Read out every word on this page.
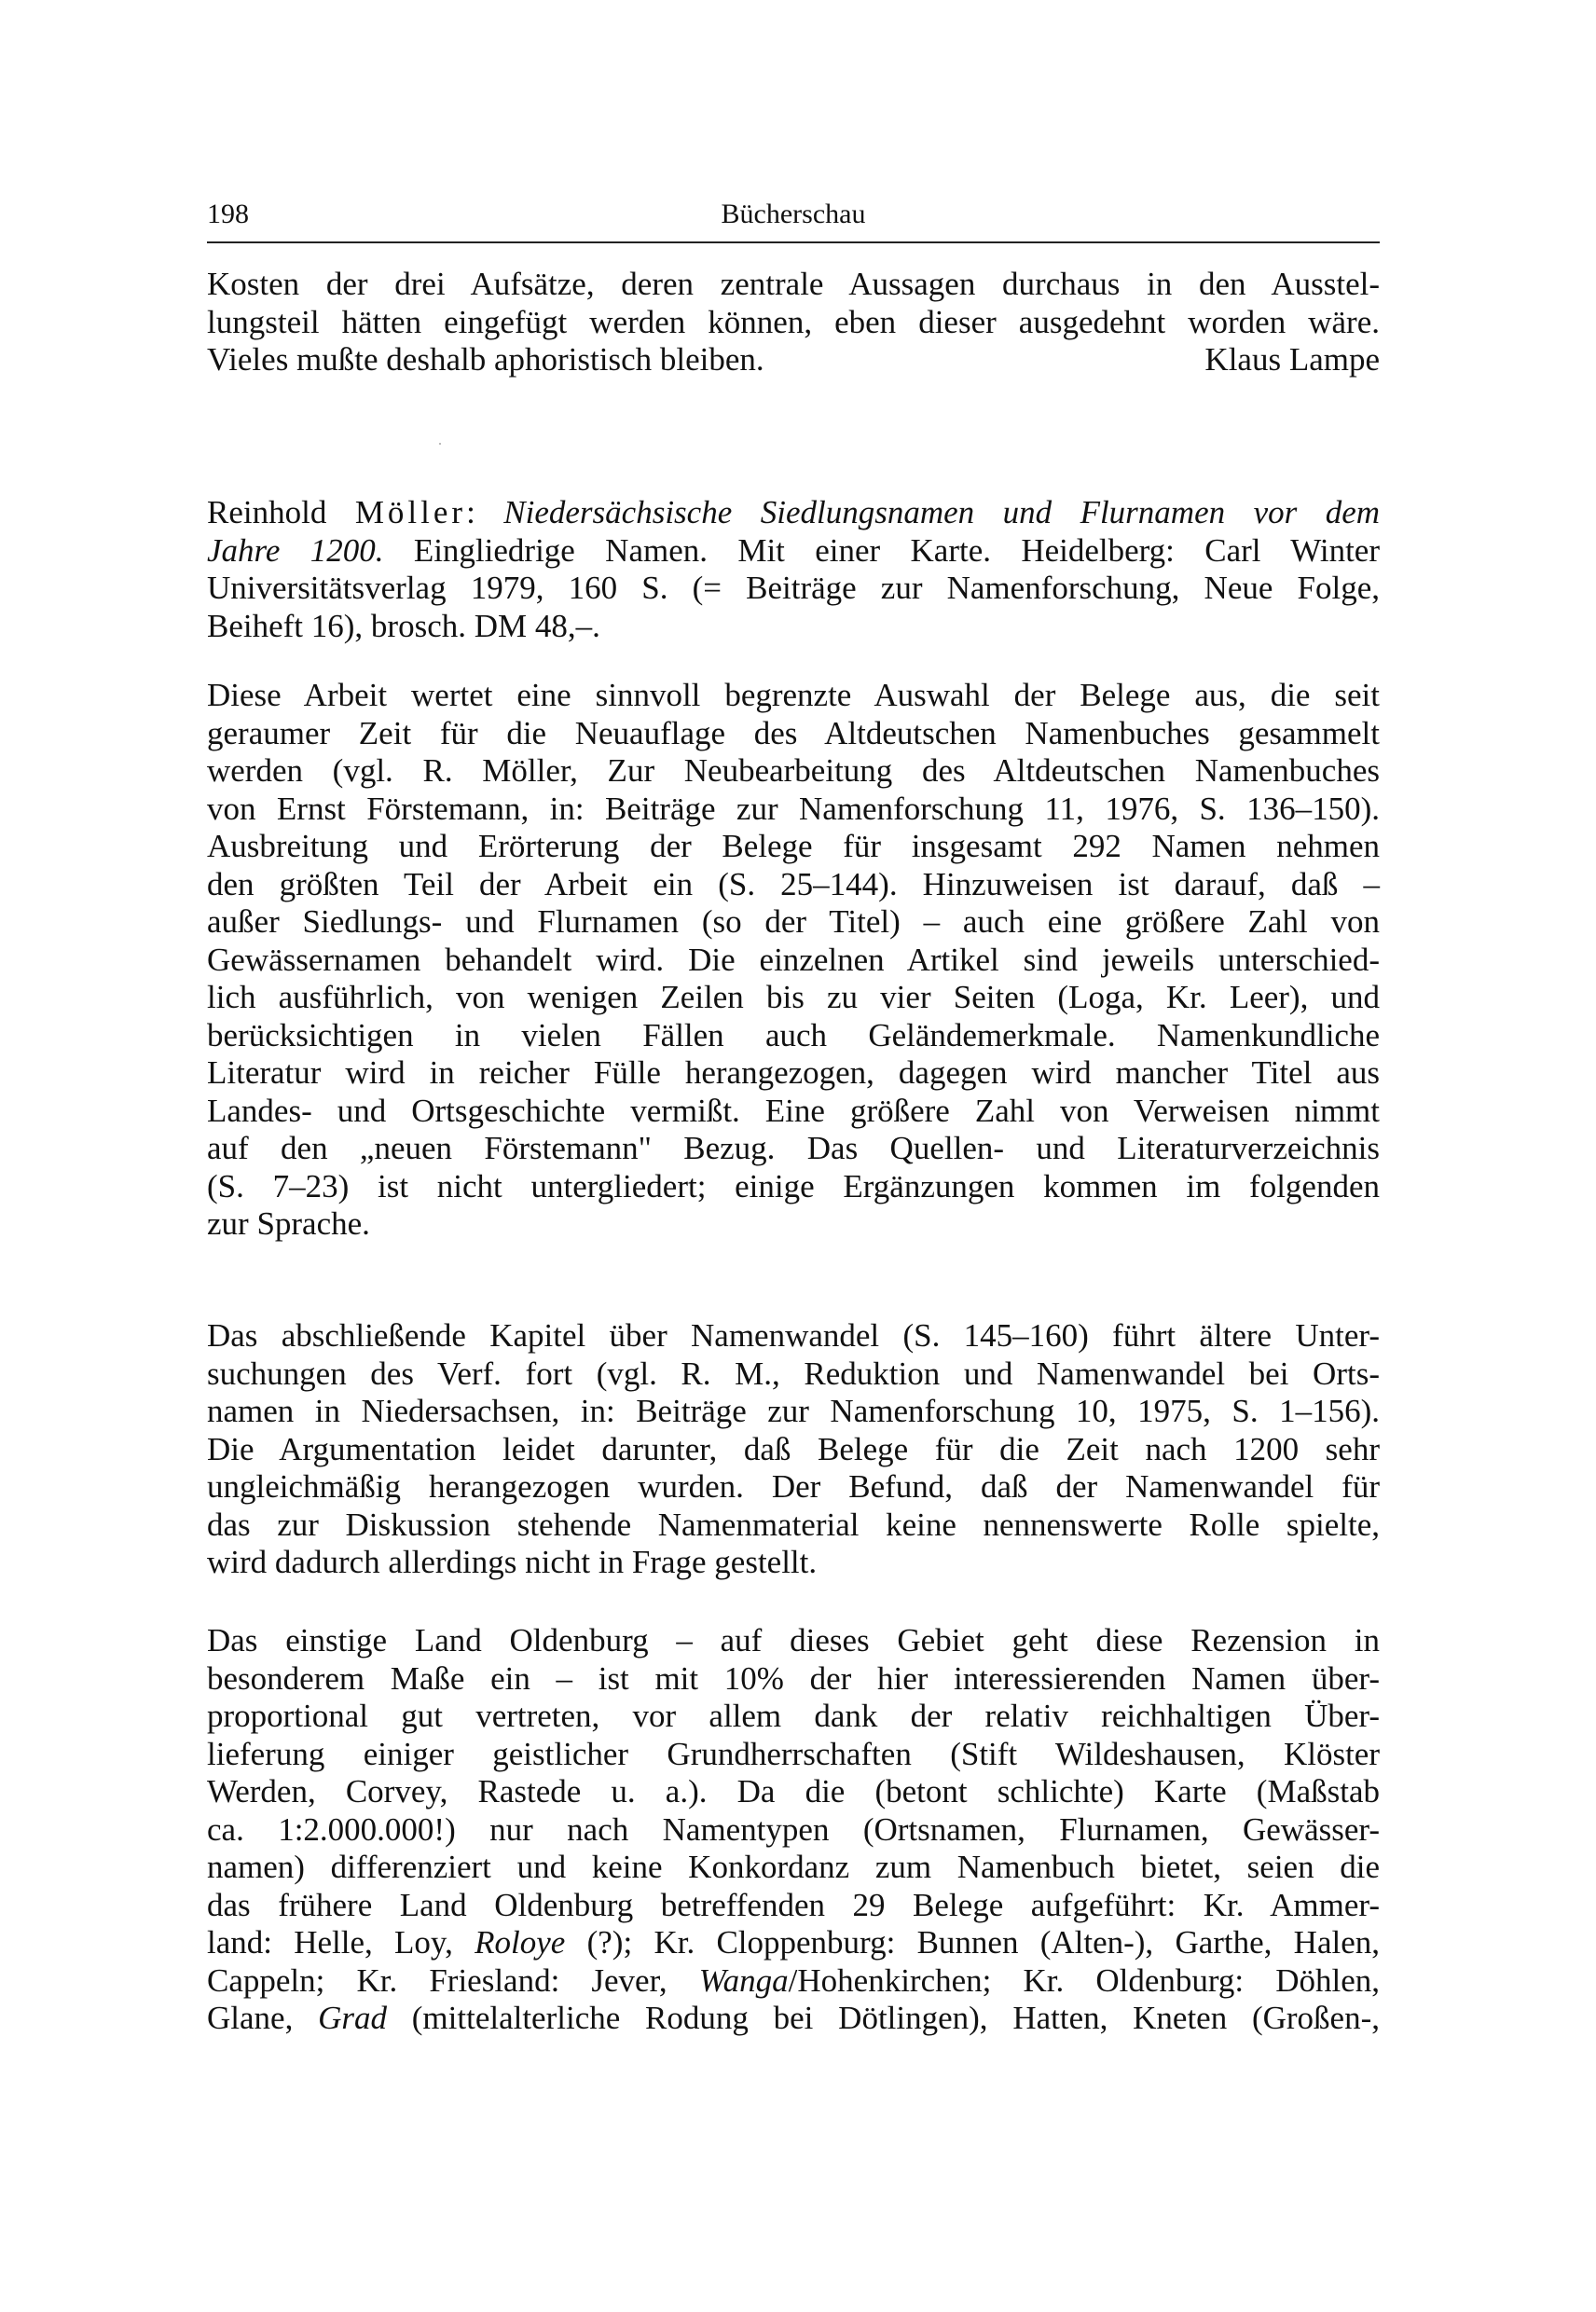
198	Bücherschau
Kosten der drei Aufsätze, deren zentrale Aussagen durchaus in den Ausstel-
lungsteil hätten eingefügt werden können, eben dieser ausgedehnt worden wäre.
Vieles mußte deshalb aphoristisch bleiben.	Klaus Lampe
Reinhold Möller: Niedersächsische Siedlungsnamen und Flurnamen vor dem
Jahre 1200. Eingliedrige Namen. Mit einer Karte. Heidelberg: Carl Winter
Universitätsverlag 1979, 160 S. (= Beiträge zur Namenforschung, Neue Folge,
Beiheft 16), brosch. DM 48,–.
Diese Arbeit wertet eine sinnvoll begrenzte Auswahl der Belege aus, die seit
geraumer Zeit für die Neuauflage des Altdeutschen Namenbuches gesammelt
werden (vgl. R. Möller, Zur Neubearbeitung des Altdeutschen Namenbuches
von Ernst Förstemann, in: Beiträge zur Namenforschung 11, 1976, S. 136–150).
Ausbreitung und Erörterung der Belege für insgesamt 292 Namen nehmen
den größten Teil der Arbeit ein (S. 25–144). Hinzuweisen ist darauf, daß –
außer Siedlungs- und Flurnamen (so der Titel) – auch eine größere Zahl von
Gewässernamen behandelt wird. Die einzelnen Artikel sind jeweils unterschied-
lich ausführlich, von wenigen Zeilen bis zu vier Seiten (Loga, Kr. Leer), und
berücksichtigen in vielen Fällen auch Geländemerkmale. Namenkundliche
Literatur wird in reicher Fülle herangezogen, dagegen wird mancher Titel aus
Landes- und Ortsgeschichte vermißt. Eine größere Zahl von Verweisen nimmt
auf den „neuen Förstemann" Bezug. Das Quellen- und Literaturverzeichnis
(S. 7–23) ist nicht untergliedert; einige Ergänzungen kommen im folgenden
zur Sprache.
Das abschließende Kapitel über Namenwandel (S. 145–160) führt ältere Unter-
suchungen des Verf. fort (vgl. R. M., Reduktion und Namenwandel bei Orts-
namen in Niedersachsen, in: Beiträge zur Namenforschung 10, 1975, S. 1–156).
Die Argumentation leidet darunter, daß Belege für die Zeit nach 1200 sehr
ungleichmäßig herangezogen wurden. Der Befund, daß der Namenwandel für
das zur Diskussion stehende Namenmaterial keine nennenswerte Rolle spielte,
wird dadurch allerdings nicht in Frage gestellt.
Das einstige Land Oldenburg – auf dieses Gebiet geht diese Rezension in
besonderem Maße ein – ist mit 10% der hier interessierenden Namen über-
proportional gut vertreten, vor allem dank der relativ reichhaltigen Über-
lieferung einiger geistlicher Grundherrschaften (Stift Wildeshausen, Klöster
Werden, Corvey, Rastede u. a.). Da die (betont schlichte) Karte (Maßstab
ca. 1:2.000.000!) nur nach Namentypen (Ortsnamen, Flurnamen, Gewässer-
namen) differenziert und keine Konkordanz zum Namenbuch bietet, seien die
das frühere Land Oldenburg betreffenden 29 Belege aufgeführt: Kr. Ammer-
land: Helle, Loy, Roloye (?); Kr. Cloppenburg: Bunnen (Alten-), Garthe, Halen,
Cappeln; Kr. Friesland: Jever, Wanga/Hohenkirchen; Kr. Oldenburg: Döhlen,
Glane, Grad (mittelalterliche Rodung bei Dötlingen), Hatten, Kneten (Großen-,
